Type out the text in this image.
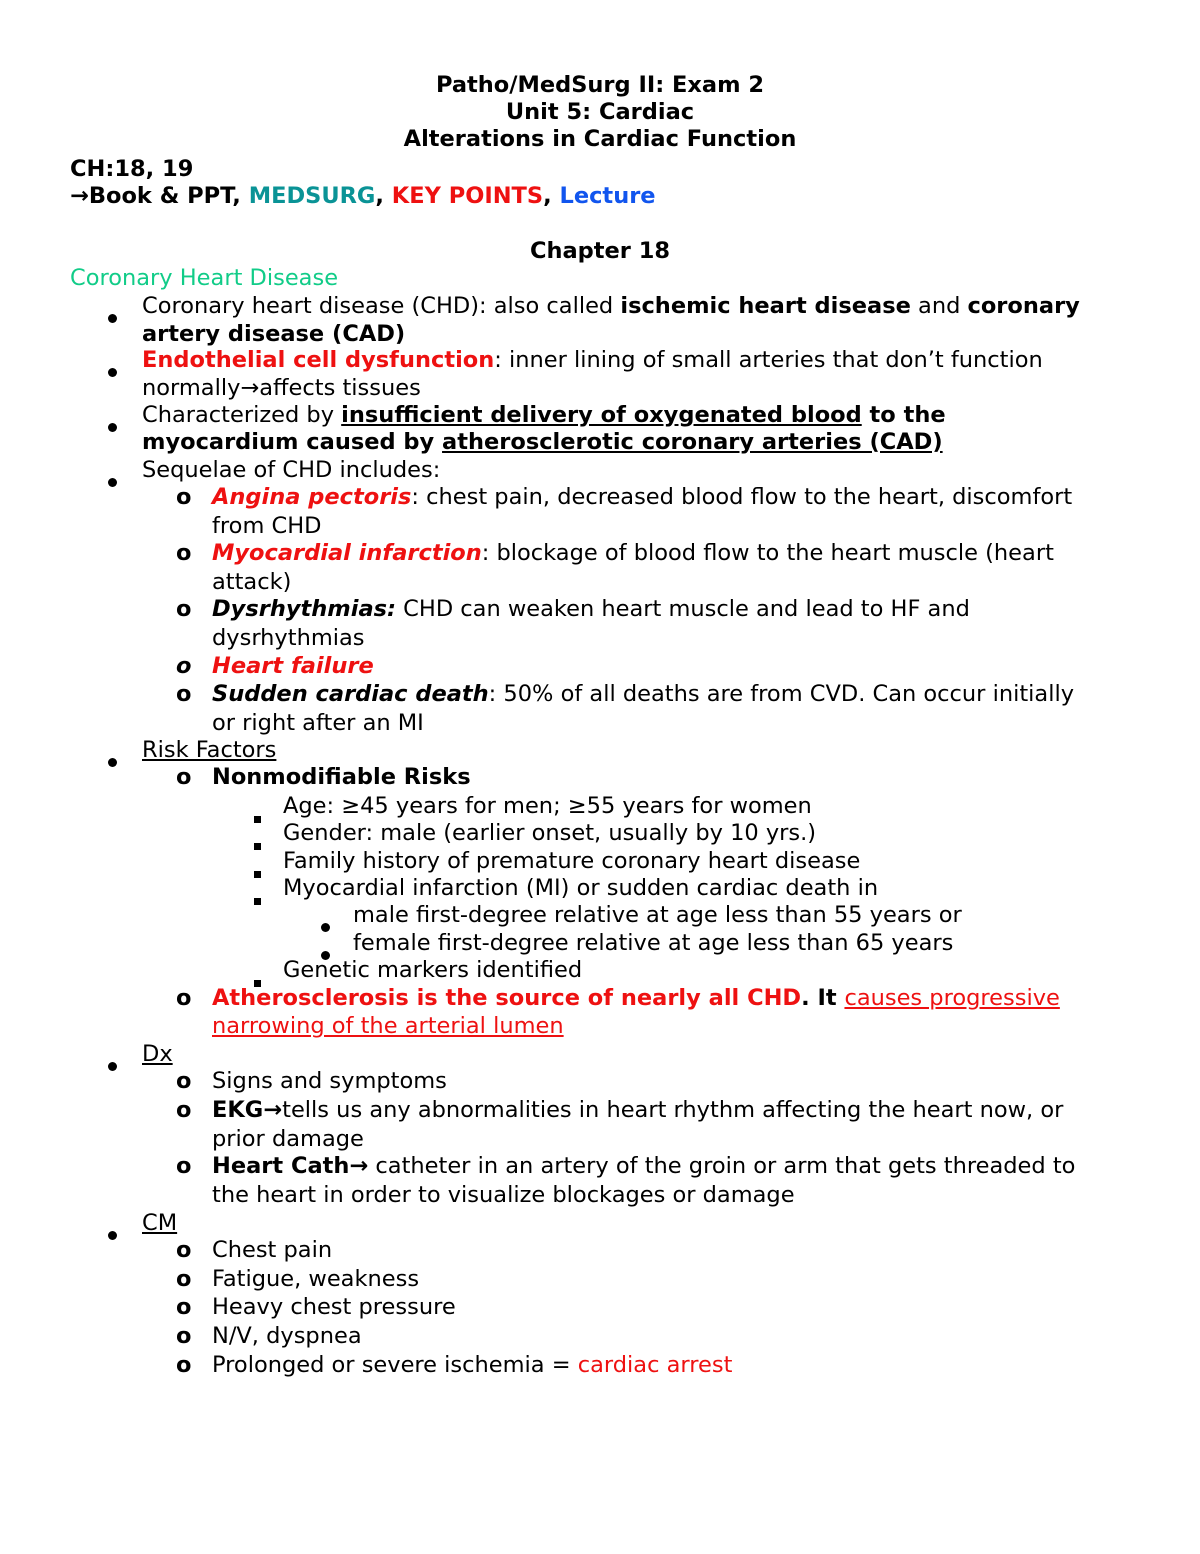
Patho/MedSurg II: Exam 2
Unit 5: Cardiac
Alterations in Cardiac Function
CH:18, 19
→Book & PPT, MEDSURG, KEY POINTS, Lecture
Chapter 18
Coronary Heart Disease
Coronary heart disease (CHD): also called ischemic heart disease and coronary
artery disease (CAD)
Endothelial cell dysfunction: inner lining of small arteries that don’t function
normally→affects tissues
Characterized by insufficient delivery of oxygenated blood to the
myocardium caused by atherosclerotic coronary arteries (CAD)
Sequelae of CHD includes:
o Angina pectoris: chest pain, decreased blood flow to the heart, discomfort
from CHD
o Myocardial infarction: blockage of blood flow to the heart muscle (heart
attack)
o Dysrhythmias: CHD can weaken heart muscle and lead to HF and
dysrhythmias
o Heart failure
o Sudden cardiac death: 50% of all deaths are from CVD. Can occur initially
or right after an MI
Risk Factors
o Nonmodifiable Risks
Age: ≥45 years for men; ≥55 years for women
Gender: male (earlier onset, usually by 10 yrs.)
Family history of premature coronary heart disease
Myocardial infarction (MI) or sudden cardiac death in
male first-degree relative at age less than 55 years or
female first-degree relative at age less than 65 years
Genetic markers identified
o Atherosclerosis is the source of nearly all CHD. It causes progressive
narrowing of the arterial lumen
Dx
o Signs and symptoms
o EKG→tells us any abnormalities in heart rhythm affecting the heart now, or
prior damage
o Heart Cath→ catheter in an artery of the groin or arm that gets threaded to
the heart in order to visualize blockages or damage
CM
o Chest pain
o Fatigue, weakness
o Heavy chest pressure
o N/V, dyspnea
o Prolonged or severe ischemia = cardiac arrest
